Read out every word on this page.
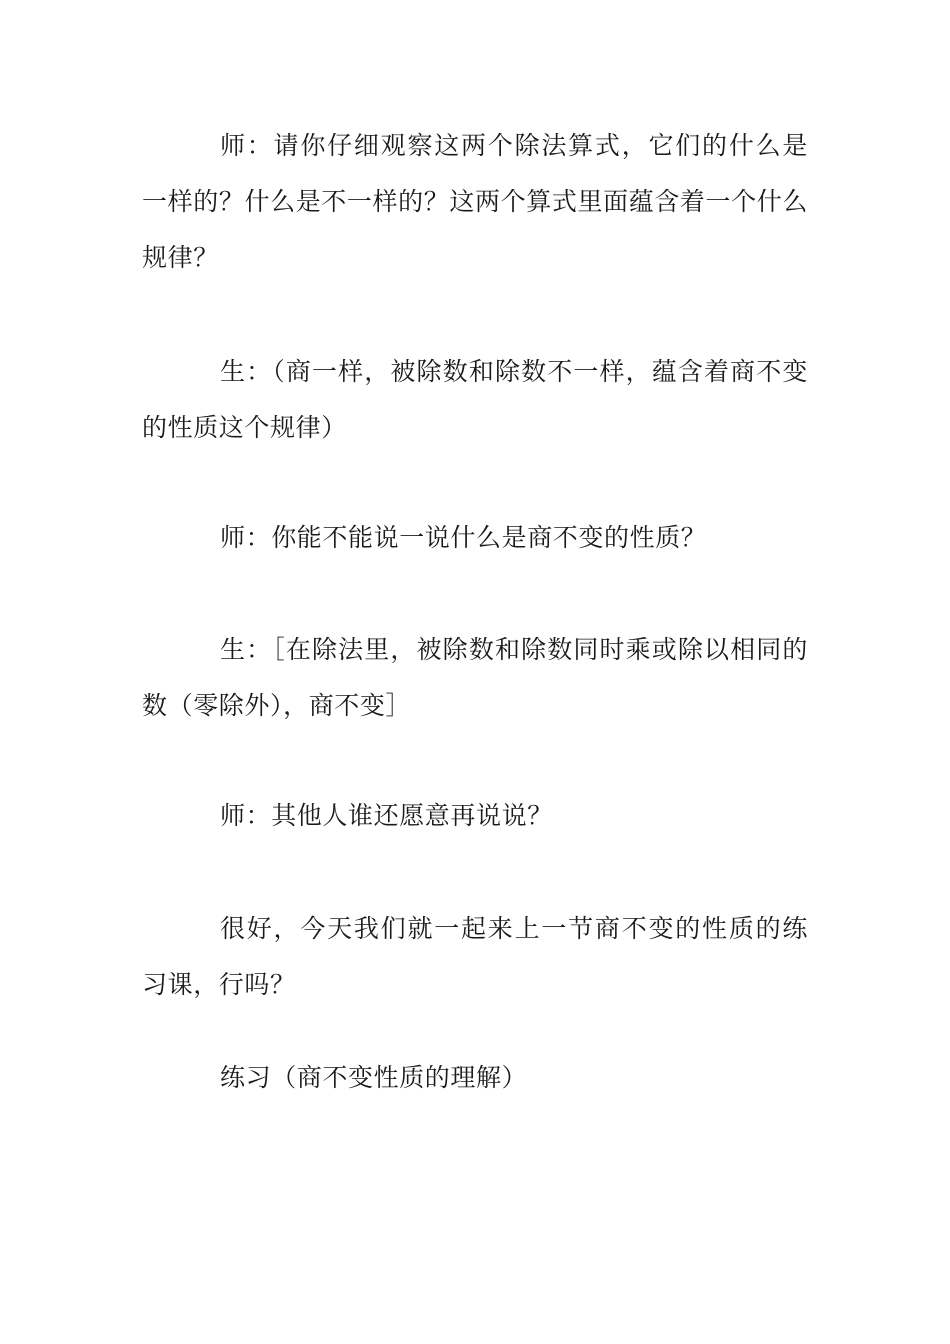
师：请你仔细观察这两个除法算式，它们的什么是一样的？什么是不一样的？这两个算式里面蕴含着一个什么规律？

生：（商一样，被除数和除数不一样，蕴含着商不变的性质这个规律）

师：你能不能说一说什么是商不变的性质？

生：［在除法里，被除数和除数同时乘或除以相同的数（零除外），商不变］

师：其他人谁还愿意再说说？

很好，今天我们就一起来上一节商不变的性质的练习课，行吗？

练习（商不变性质的理解）
